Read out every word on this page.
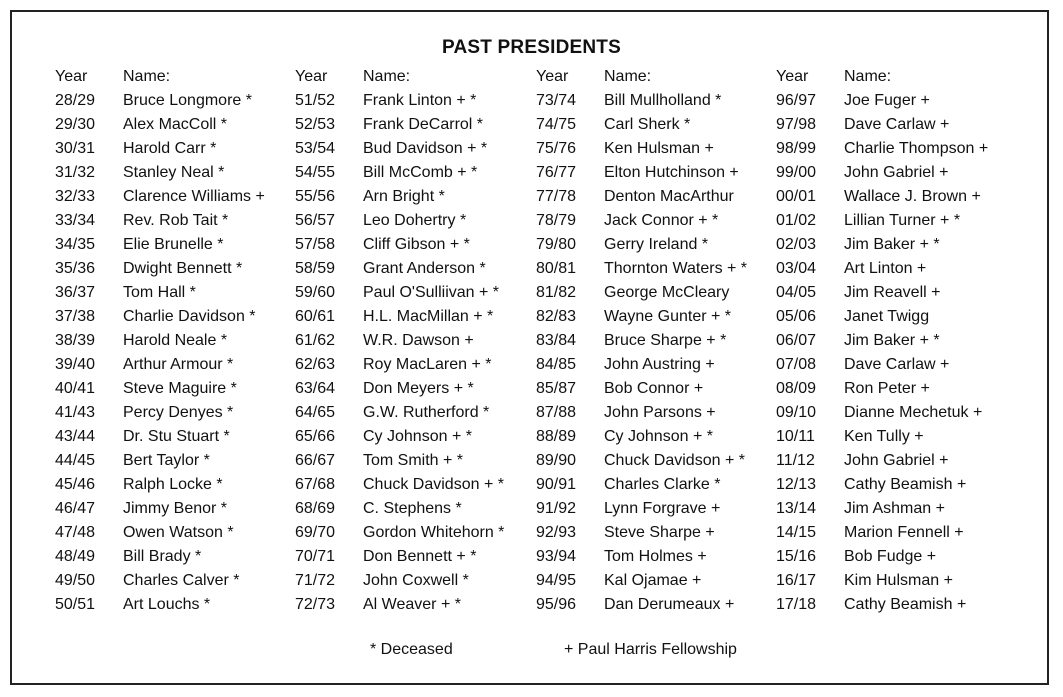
PAST PRESIDENTS
Year Name:
28/29 Bruce Longmore *
29/30 Alex MacColl *
30/31 Harold Carr *
31/32 Stanley Neal *
32/33 Clarence Williams +
33/34 Rev. Rob Tait *
34/35 Elie Brunelle *
35/36 Dwight Bennett *
36/37 Tom Hall *
37/38 Charlie Davidson *
38/39 Harold Neale *
39/40 Arthur Armour *
40/41 Steve Maguire *
41/43 Percy Denyes *
43/44 Dr. Stu Stuart *
44/45 Bert Taylor *
45/46 Ralph Locke *
46/47 Jimmy Benor *
47/48 Owen Watson *
48/49 Bill Brady *
49/50 Charles Calver *
50/51 Art Louchs *
Year Name:
51/52 Frank Linton + *
52/53 Frank DeCarrol *
53/54 Bud Davidson + *
54/55 Bill McComb + *
55/56 Arn Bright *
56/57 Leo Dohertry *
57/58 Cliff Gibson + *
58/59 Grant Anderson *
59/60 Paul O'Sulliivan + *
60/61 H.L. MacMillan + *
61/62 W.R. Dawson +
62/63 Roy MacLaren + *
63/64 Don Meyers + *
64/65 G.W. Rutherford *
65/66 Cy Johnson + *
66/67 Tom Smith + *
67/68 Chuck Davidson + *
68/69 C. Stephens *
69/70 Gordon Whitehorn *
70/71 Don Bennett + *
71/72 John Coxwell *
72/73 Al Weaver + *
Year Name:
73/74 Bill Mullholland *
74/75 Carl Sherk *
75/76 Ken Hulsman +
76/77 Elton Hutchinson +
77/78 Denton MacArthur
78/79 Jack Connor + *
79/80 Gerry Ireland *
80/81 Thornton Waters + *
81/82 George McCleary
82/83 Wayne Gunter + *
83/84 Bruce Sharpe + *
84/85 John Austring +
85/87 Bob Connor +
87/88 John Parsons +
88/89 Cy Johnson + *
89/90 Chuck Davidson + *
90/91 Charles Clarke *
91/92 Lynn Forgrave +
92/93 Steve Sharpe +
93/94 Tom Holmes +
94/95 Kal Ojamae +
95/96 Dan Derumeaux +
Year Name:
96/97 Joe Fuger +
97/98 Dave Carlaw +
98/99 Charlie Thompson +
99/00 John Gabriel +
00/01 Wallace J. Brown +
01/02 Lillian Turner + *
02/03 Jim Baker + *
03/04 Art Linton +
04/05 Jim Reavell +
05/06 Janet Twigg
06/07 Jim Baker + *
07/08 Dave Carlaw +
08/09 Ron Peter +
09/10 Dianne Mechetuk +
10/11 Ken Tully +
11/12 John Gabriel +
12/13 Cathy Beamish +
13/14 Jim Ashman +
14/15 Marion Fennell +
15/16 Bob Fudge +
16/17 Kim Hulsman +
17/18 Cathy Beamish +
* Deceased	+ Paul Harris Fellowship
